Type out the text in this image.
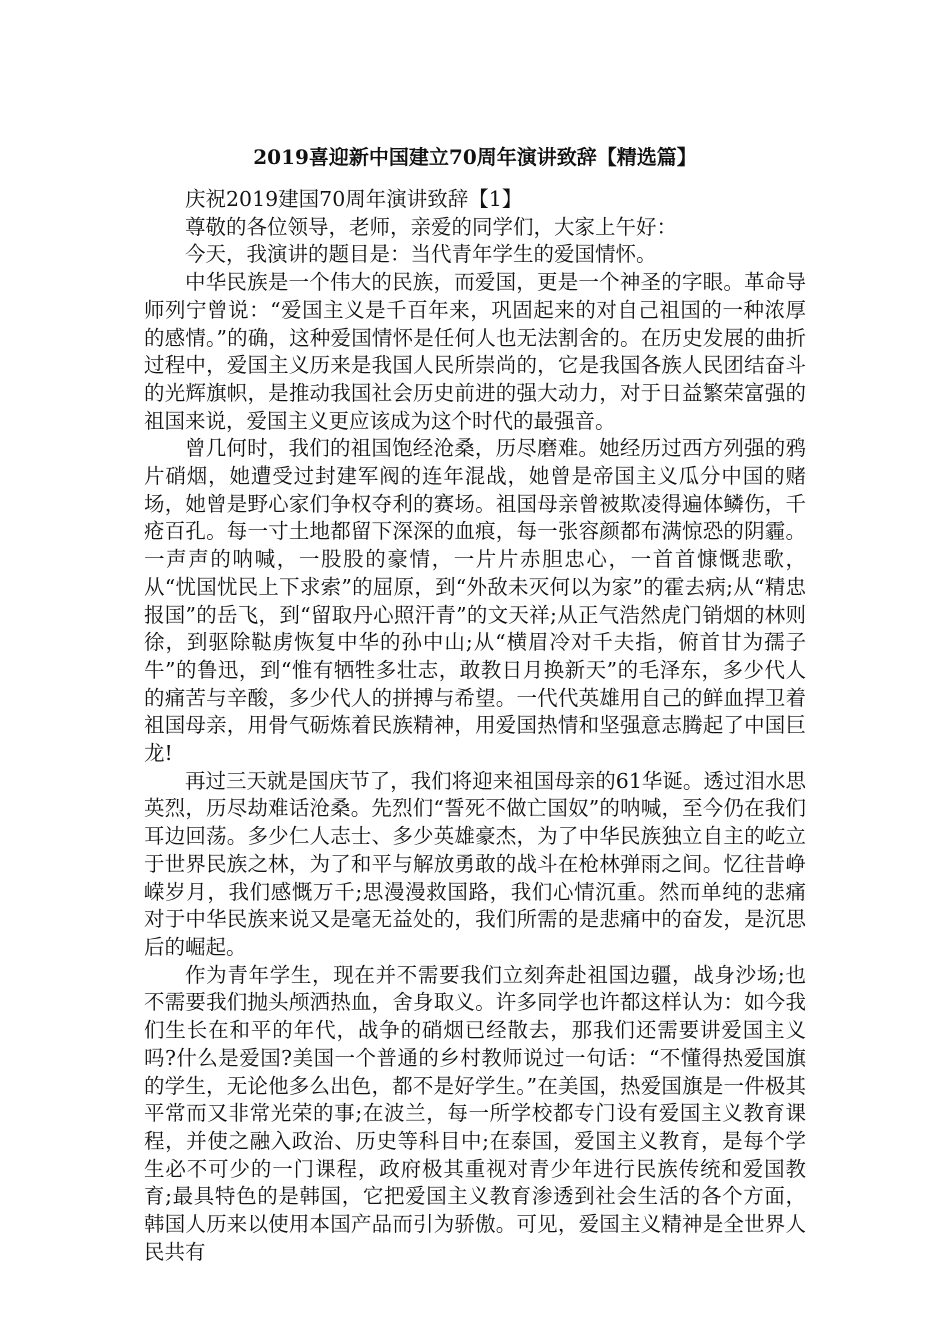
2019喜迎新中国建立70周年演讲致辞【精选篇】

庆祝2019建国70周年演讲致辞【1】

尊敬的各位领导，老师，亲爱的同学们，大家上午好：

今天，我演讲的题目是：当代青年学生的爱国情怀。

中华民族是一个伟大的民族，而爱国，更是一个神圣的字眼。革命导师列宁曾说：“爱国主义是千百年来，巩固起来的对自己祖国的一种浓厚的感情。”的确，这种爱国情怀是任何人也无法割舍的。在历史发展的曲折过程中，爱国主义历来是我国人民所崇尚的，它是我国各族人民团结奋斗的光辉旗帜，是推动我国社会历史前进的强大动力，对于日益繁荣富强的祖国来说，爱国主义更应该成为这个时代的最强音。

曾几何时，我们的祖国饱经沧桑，历尽磨难。她经历过西方列强的鸦片硝烟，她遭受过封建军阀的连年混战，她曾是帝国主义瓜分中国的赌场，她曾是野心家们争权夺利的赛场。祖国母亲曾被欺凌得遍体鳞伤，千疮百孔。每一寸土地都留下深深的血痕，每一张容颜都布满惊恐的阴霾。一声声的呐喊，一股股的豪情，一片片赤胆忠心，一首首慷慨悲歌，从“忧国忧民上下求索”的屈原，到“外敌未灭何以为家”的霍去病;从“精忠报国”的岳飞，到“留取丹心照汗青”的文天祥;从正气浩然虎门销烟的林则徐，到驱除鞑虏恢复中华的孙中山;从“横眉冷对千夫指，俯首甘为孺子牛”的鲁迅，到“惟有牺牲多壮志，敢教日月换新天”的毛泽东，多少代人的痛苦与辛酸，多少代人的拼搏与希望。一代代英雄用自己的鲜血捍卫着祖国母亲，用骨气砺炼着民族精神，用爱国热情和坚强意志腾起了中国巨龙!

再过三天就是国庆节了，我们将迎来祖国母亲的61华诞。透过泪水思英烈，历尽劫难话沧桑。先烈们“誓死不做亡国奴”的呐喊，至今仍在我们耳边回荡。多少仁人志士、多少英雄豪杰，为了中华民族独立自主的屹立于世界民族之林，为了和平与解放勇敢的战斗在枪林弹雨之间。忆往昔峥嵘岁月，我们感慨万千;思漫漫救国路，我们心情沉重。然而单纯的悲痛对于中华民族来说又是毫无益处的，我们所需的是悲痛中的奋发，是沉思后的崛起。

作为青年学生，现在并不需要我们立刻奔赴祖国边疆，战身沙场;也不需要我们抛头颅洒热血，舍身取义。许多同学也许都这样认为：如今我们生长在和平的年代，战争的硝烟已经散去，那我们还需要讲爱国主义吗?什么是爱国?美国一个普通的乡村教师说过一句话：“不懂得热爱国旗的学生，无论他多么出色，都不是好学生。”在美国，热爱国旗是一件极其平常而又非常光荣的事;在波兰，每一所学校都专门设有爱国主义教育课程，并使之融入政治、历史等科目中;在泰国，爱国主义教育，是每个学生必不可少的一门课程，政府极其重视对青少年进行民族传统和爱国教育;最具特色的是韩国，它把爱国主义教育渗透到社会生活的各个方面，韩国人历来以使用本国产品而引为骄傲。可见，爱国主义精神是全世界人民共有
